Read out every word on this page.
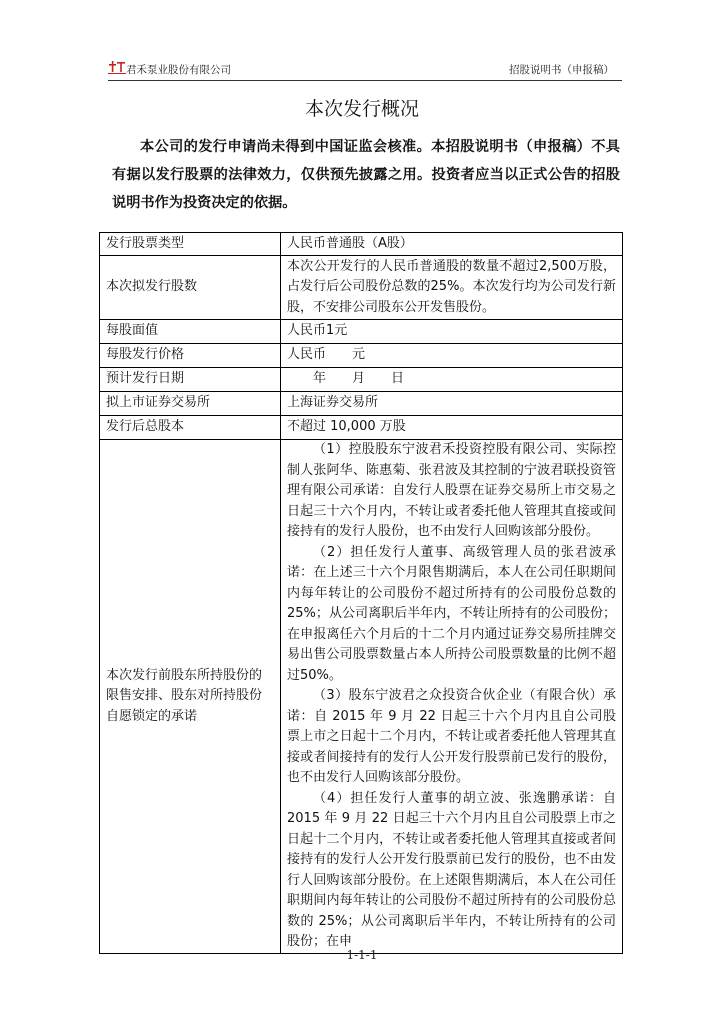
君禾泵业股份有限公司	招股说明书（申报稿）
本次发行概况
本公司的发行申请尚未得到中国证监会核准。本招股说明书（申报稿）不具有据以发行股票的法律效力，仅供预先披露之用。投资者应当以正式公告的招股说明书作为投资决定的依据。
发行股票类型	人民币普通股（A股）
本次拟发行股数	本次公开发行的人民币普通股的数量不超过2,500万股，占发行后公司股份总数的25%。本次发行均为公司发行新股，不安排公司股东公开发售股份。
每股面值	人民币1元
每股发行价格	人民币　　元
预计发行日期	　　年　　月　　日
拟上市证券交易所	上海证券交易所
发行后总股本	不超过 10,000 万股
本次发行前股东所持股份的限售安排、股东对所持股份自愿锁定的承诺	（1）控股股东宁波君禾投资控股有限公司、实际控制人张阿华、陈惠菊、张君波及其控制的宁波君联投资管理有限公司承诺：自发行人股票在证券交易所上市交易之日起三十六个月内，不转让或者委托他人管理其直接或间接持有的发行人股份，也不由发行人回购该部分股份。
（2）担任发行人董事、高级管理人员的张君波承诺：在上述三十六个月限售期满后，本人在公司任职期间内每年转让的公司股份不超过所持有的公司股份总数的25%；从公司离职后半年内，不转让所持有的公司股份；在申报离任六个月后的十二个月内通过证券交易所挂牌交易出售公司股票数量占本人所持公司股票数量的比例不超过50%。
（3）股东宁波君之众投资合伙企业（有限合伙）承诺：自 2015 年 9 月 22 日起三十六个月内且自公司股票上市之日起十二个月内，不转让或者委托他人管理其直接或者间接持有的发行人公开发行股票前已发行的股份，也不由发行人回购该部分股份。
（4）担任发行人董事的胡立波、张逸鹏承诺：自 2015 年 9 月 22 日起三十六个月内且自公司股票上市之日起十二个月内，不转让或者委托他人管理其直接或者间接持有的发行人公开发行股票前已发行的股份，也不由发行人回购该部分股份。在上述限售期满后，本人在公司任职期间内每年转让的公司股份不超过所持有的公司股份总数的 25%；从公司离职后半年内，不转让所持有的公司股份；在申
1-1-1
